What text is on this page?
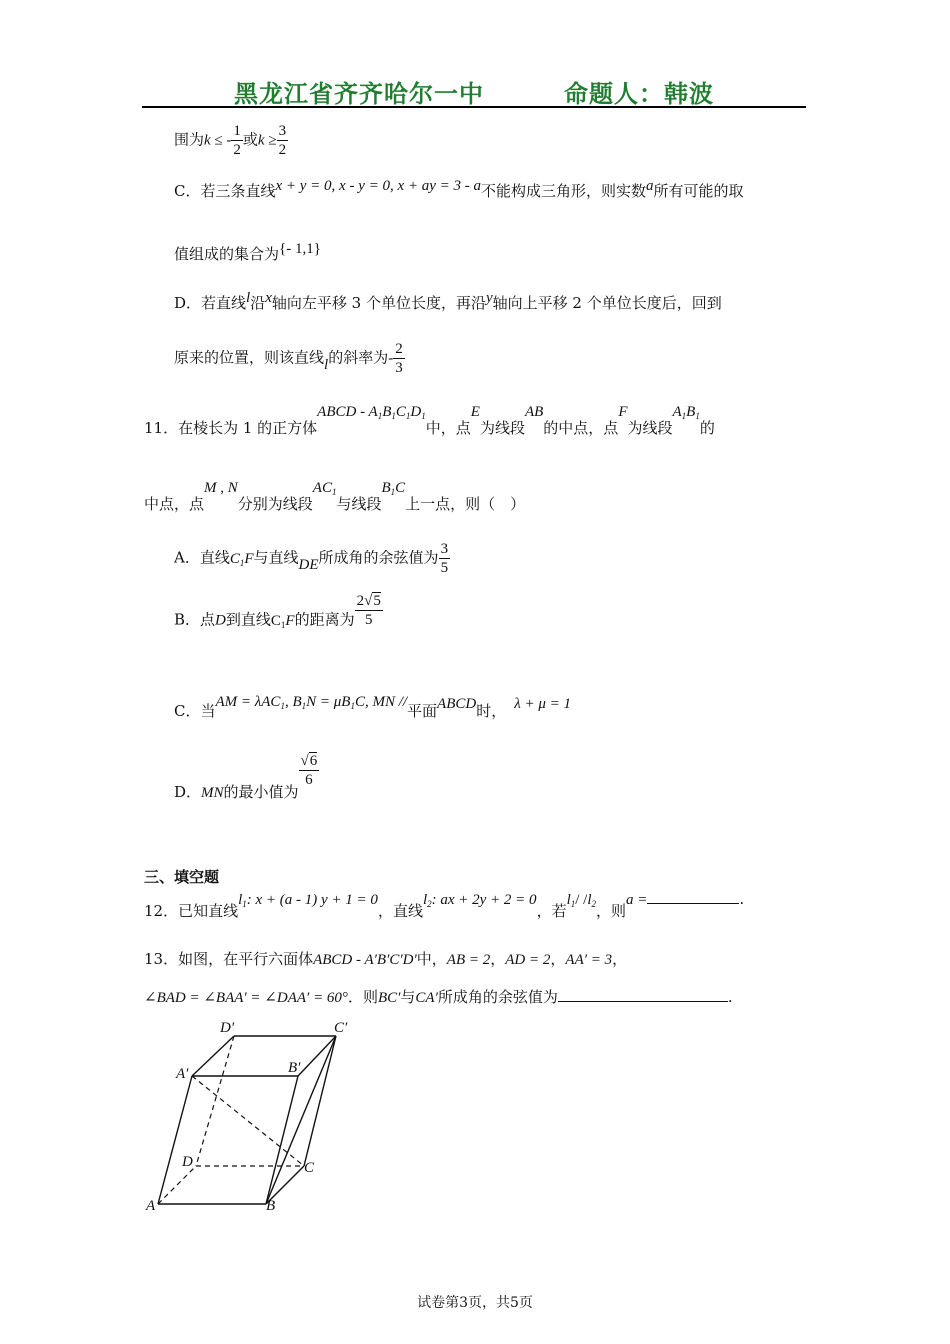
黑龙江省齐齐哈尔一中	命题人：韩波
围为k ≤ - $\frac{1}{2}$ 或$k \ge \frac{3}{2}$
C．若三条直线x + y = 0, x - y = 0, x + ay = 3 - a不能构成三角形，则实数a所有可能的取
值组成的集合为{- 1,1}
D．若直线l沿x轴向左平移 3 个单位长度，再沿y轴向上平移 2 个单位长度后，回到
原来的位置，则该直线l的斜率为- $\frac{2}{3}$
11．在棱长为 1 的正方体ABCD - $A_1B_1C_1D_1$中，点E为线段AB的中点，点F为线段$A_1B_1$的
中点，点M , N分别为线段$AC_1$与线段$B_1C$上一点，则（　）
A．直线$C_1F$与直线DE所成角的余弦值为 $\frac{3}{5}$
B．点D到直线$C_1F$的距离为 $\frac{2√5}{5}$
C．当AM = λAC$_1$, $B_1N = \mu B_1C$, MN //平面ABCD时， λ + μ = 1
D．MN的最小值为
$\frac{√6}{6}$
三、填空题
12．已知直线$l_1$: x + (a - 1) y + 1 = 0，直线$l_2$: ax + 2y + 2 = 0，若$l_1/$ $/l_2$，则a =	.
13．如图，在平行六面体ABCD - A′B′C′D′中，AB = 2，AD = 2，AA′ = 3，
∠BAD = ∠BAA′ = ∠DAA′ = 60°．则BC′与CA′所成角的余弦值为	.
D′	C′
A′	B′
D	C
A	B
试卷第3页，共5页
